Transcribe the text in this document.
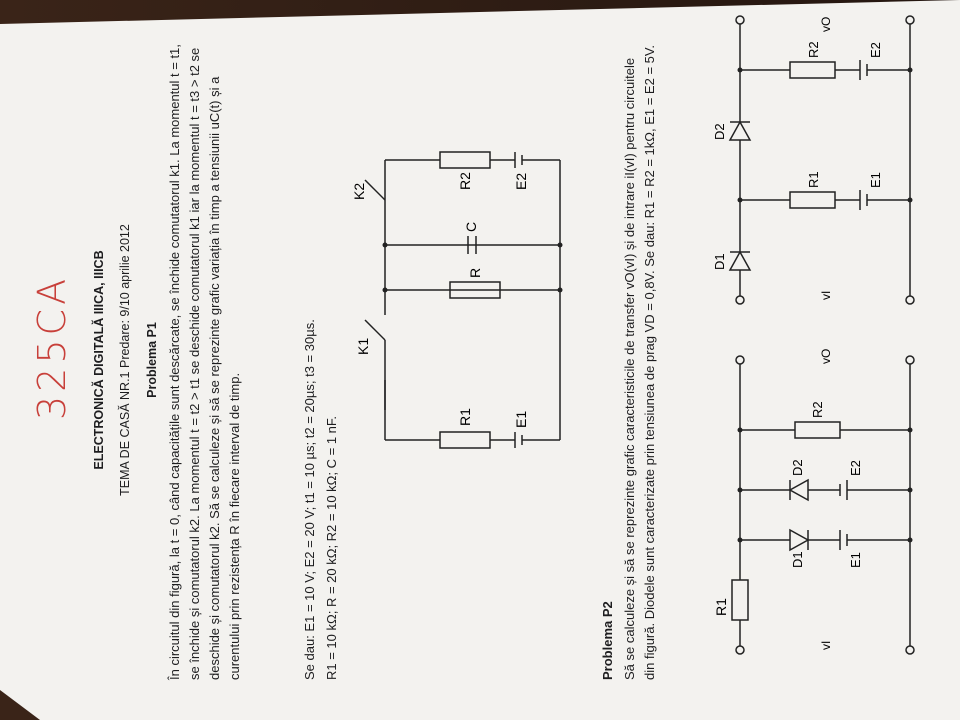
325CA ELECTRONICĂ DIGITALĂ IIICA, IIICB TEMA DE CASĂ NR.1 Predare: 9/10 aprilie 2012 Problema P1 În circuitul din figură, la t = 0, când capacitățile sunt descărcate, se închide comutatorul k1. La momentul t = t1, se închide și comutatorul k2. La momentul t = t2 > t1 se deschide comutatorul k1 iar la momentul t = t3 > t2 se deschide și comutatorul k2. Să se calculeze și să se reprezinte grafic variația în timp a tensiunii uC(t) și a curentului prin rezistența R în fiecare interval de timp.	Se dau: E1 = 10 V; E2 = 20 V; t1 = 10 µs; t2 = 20µs; t3 = 30µs. R1 = 10 kΩ; R = 20 kΩ; R2 = 10 kΩ; C = 1 nF.
K1
K2
R1
R
C
R2
E1
E2
Problema P2 Să se calculeze și să se reprezinte grafic caracteristicile de transfer vO(vI) și de intrare iI(vI) pentru circuitele din figură. Diodele sunt caracterizate prin tensiunea de prag VD = 0,8V. Se dau: R1 = R2 = 1kΩ, E1 = E2 = 5V.	R1
vI
vO
D1
D2
E1
E2
R2
D1
D2
vI
vO
R1
R2
E1
E2
